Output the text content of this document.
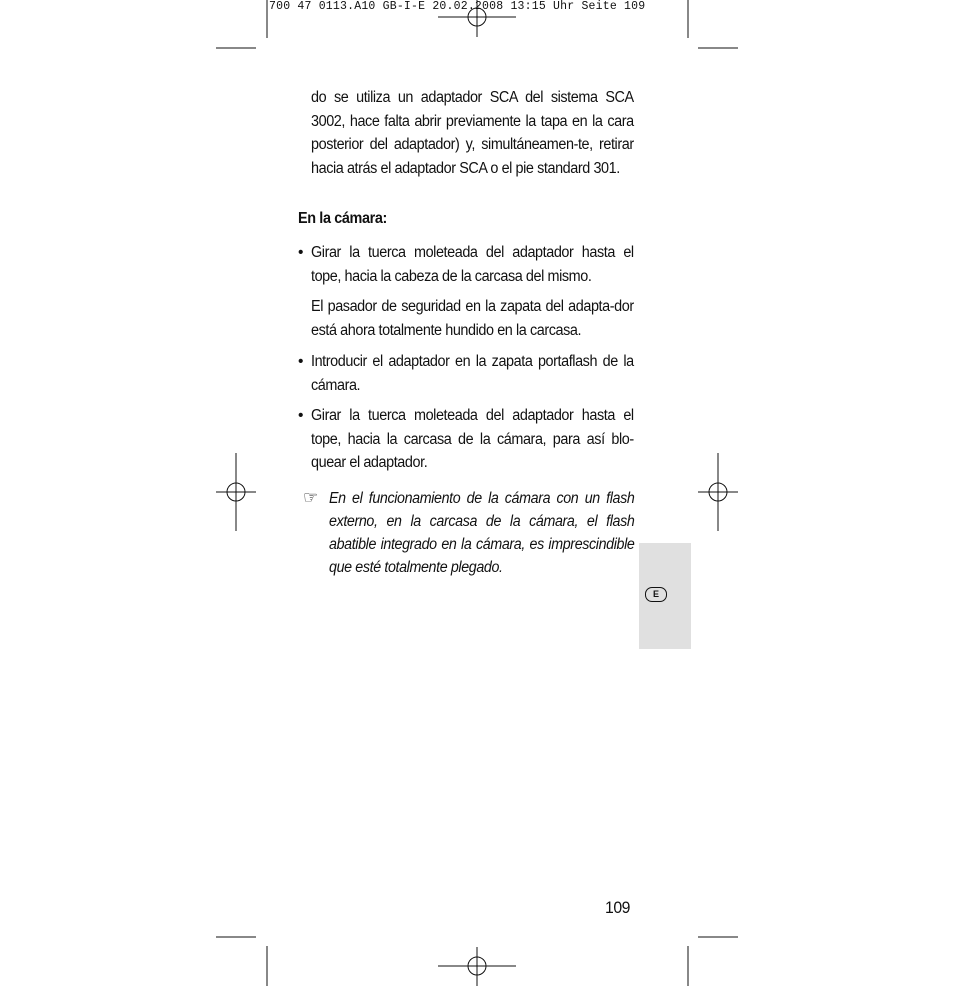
700 47 0113.A10 GB-I-E 20.02.2008 13:15 Uhr Seite 109

do se utiliza un adaptador SCA del sistema SCA 3002, hace falta abrir previamente la tapa en la cara posterior del adaptador) y, simultáneamen-te, retirar hacia atrás el adaptador SCA o el pie standard 301.

En la cámara:
• Girar la tuerca moleteada del adaptador hasta el tope, hacia la cabeza de la carcasa del mismo.

El pasador de seguridad en la zapata del adapta-dor está ahora totalmente hundido en la carcasa.

• Introducir el adaptador en la zapata portaflash de la cámara.

• Girar la tuerca moleteada del adaptador hasta el tope, hacia la carcasa de la cámara, para así blo-quear el adaptador.

☞ En el funcionamiento de la cámara con un flash externo, en la carcasa de la cámara, el flash abatible integrado en la cámara, es imprescindible que esté totalmente plegado.

E
109
